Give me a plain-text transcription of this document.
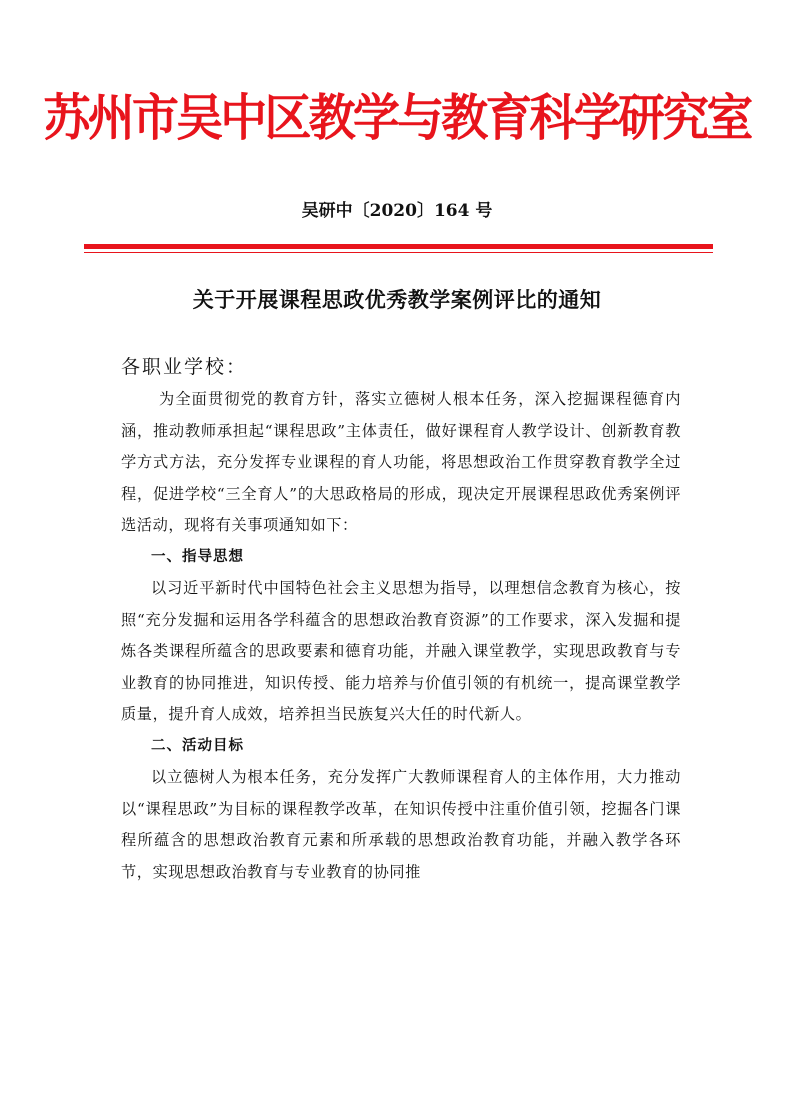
苏州市吴中区教学与教育科学研究室
吴研中〔2020〕164 号
关于开展课程思政优秀教学案例评比的通知
各职业学校：

为全面贯彻党的教育方针，落实立德树人根本任务，深入挖掘课程德育内涵，推动教师承担起“课程思政”主体责任，做好课程育人教学设计、创新教育教学方式方法，充分发挥专业课程的育人功能，将思想政治工作贯穿教育教学全过程，促进学校“三全育人”的大思政格局的形成，现决定开展课程思政优秀案例评选活动，现将有关事项通知如下：

一、指导思想

以习近平新时代中国特色社会主义思想为指导，以理想信念教育为核心，按照“充分发掘和运用各学科蕴含的思想政治教育资源”的工作要求，深入发掘和提炼各类课程所蕴含的思政要素和德育功能，并融入课堂教学，实现思政教育与专业教育的协同推进，知识传授、能力培养与价值引领的有机统一，提高课堂教学质量，提升育人成效，培养担当民族复兴大任的时代新人。

二、活动目标

以立德树人为根本任务，充分发挥广大教师课程育人的主体作用，大力推动以“课程思政”为目标的课程教学改革，在知识传授中注重价值引领，挖掘各门课程所蕴含的思想政治教育元素和所承载的思想政治教育功能，并融入教学各环节，实现思想政治教育与专业教育的协同推
